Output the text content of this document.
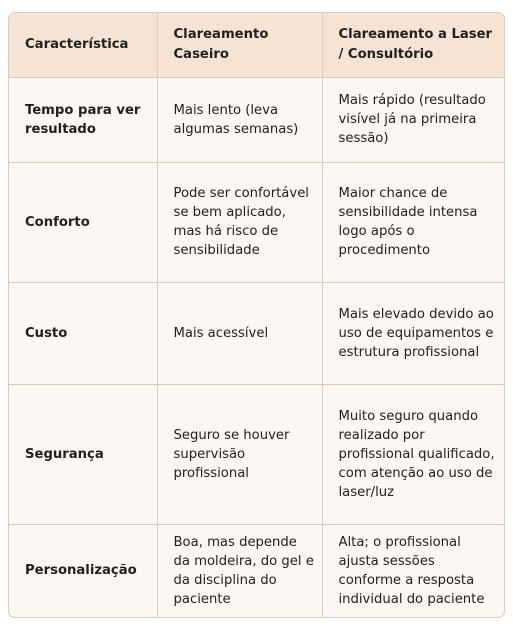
Característica	Clareamento Caseiro	Clareamento a Laser / Consultório
Tempo para ver resultado	Mais lento (leva algumas semanas)	Mais rápido (resultado visível já na primeira sessão)
Conforto	Pode ser confortável se bem aplicado, mas há risco de sensibilidade	Maior chance de sensibilidade intensa logo após o procedimento
Custo	Mais acessível	Mais elevado devido ao uso de equipamentos e estrutura profissional
Segurança	Seguro se houver supervisão profissional	Muito seguro quando realizado por profissional qualificado, com atenção ao uso de laser/luz
Personalização	Boa, mas depende da moldeira, do gel e da disciplina do paciente	Alta; o profissional ajusta sessões conforme a resposta individual do paciente
